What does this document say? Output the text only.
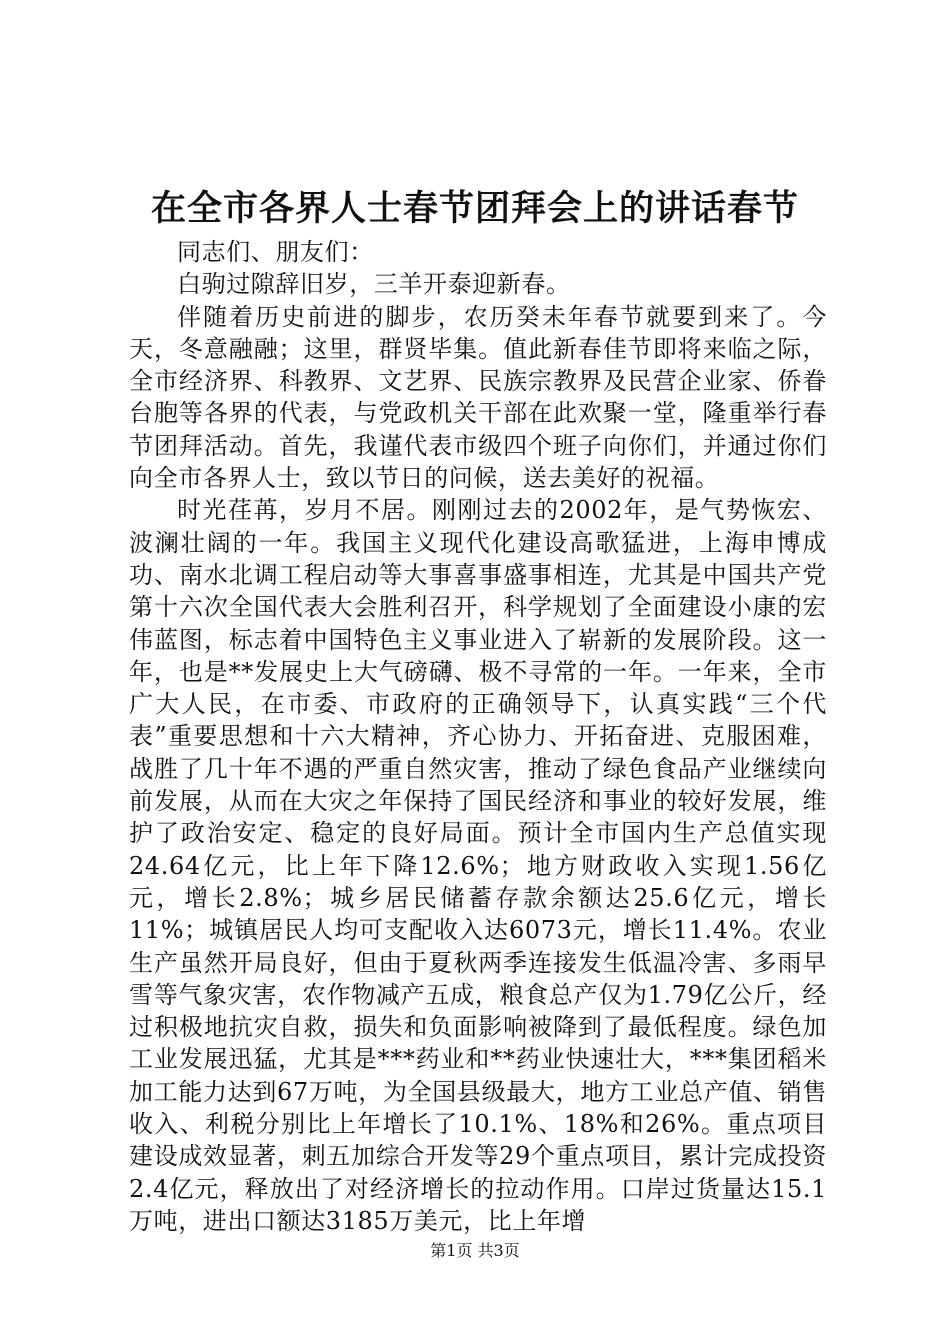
在全市各界人士春节团拜会上的讲话春节

同志们、朋友们：

白驹过隙辞旧岁，三羊开泰迎新春。

伴随着历史前进的脚步，农历癸未年春节就要到来了。今天，冬意融融；这里，群贤毕集。值此新春佳节即将来临之际，全市经济界、科教界、文艺界、民族宗教界及民营企业家、侨眷台胞等各界的代表，与党政机关干部在此欢聚一堂，隆重举行春节团拜活动。首先，我谨代表市级四个班子向你们，并通过你们向全市各界人士，致以节日的问候，送去美好的祝福。

时光荏苒，岁月不居。刚刚过去的2002年，是气势恢宏、波澜壮阔的一年。我国主义现代化建设高歌猛进，上海申博成功、南水北调工程启动等大事喜事盛事相连，尤其是中国共产党第十六次全国代表大会胜利召开，科学规划了全面建设小康的宏伟蓝图，标志着中国特色主义事业进入了崭新的发展阶段。这一年，也是**发展史上大气磅礴、极不寻常的一年。一年来，全市广大人民，在市委、市政府的正确领导下，认真实践“三个代表”重要思想和十六大精神，齐心协力、开拓奋进、克服困难，战胜了几十年不遇的严重自然灾害，推动了绿色食品产业继续向前发展，从而在大灾之年保持了国民经济和事业的较好发展，维护了政治安定、稳定的良好局面。预计全市国内生产总值实现24.64亿元，比上年下降12.6%；地方财政收入实现1.56亿元，增长2.8%；城乡居民储蓄存款余额达25.6亿元，增长11%；城镇居民人均可支配收入达6073元，增长11.4%。农业生产虽然开局良好，但由于夏秋两季连接发生低温冷害、多雨早雪等气象灾害，农作物减产五成，粮食总产仅为1.79亿公斤，经过积极地抗灾自救，损失和负面影响被降到了最低程度。绿色加工业发展迅猛，尤其是***药业和**药业快速壮大，***集团稻米加工能力达到67万吨，为全国县级最大，地方工业总产值、销售收入、利税分别比上年增长了10.1%、18%和26%。重点项目建设成效显著，刺五加综合开发等29个重点项目，累计完成投资2.4亿元，释放出了对经济增长的拉动作用。口岸过货量达15.1万吨，进出口额达3185万美元，比上年增

第1页 共3页
